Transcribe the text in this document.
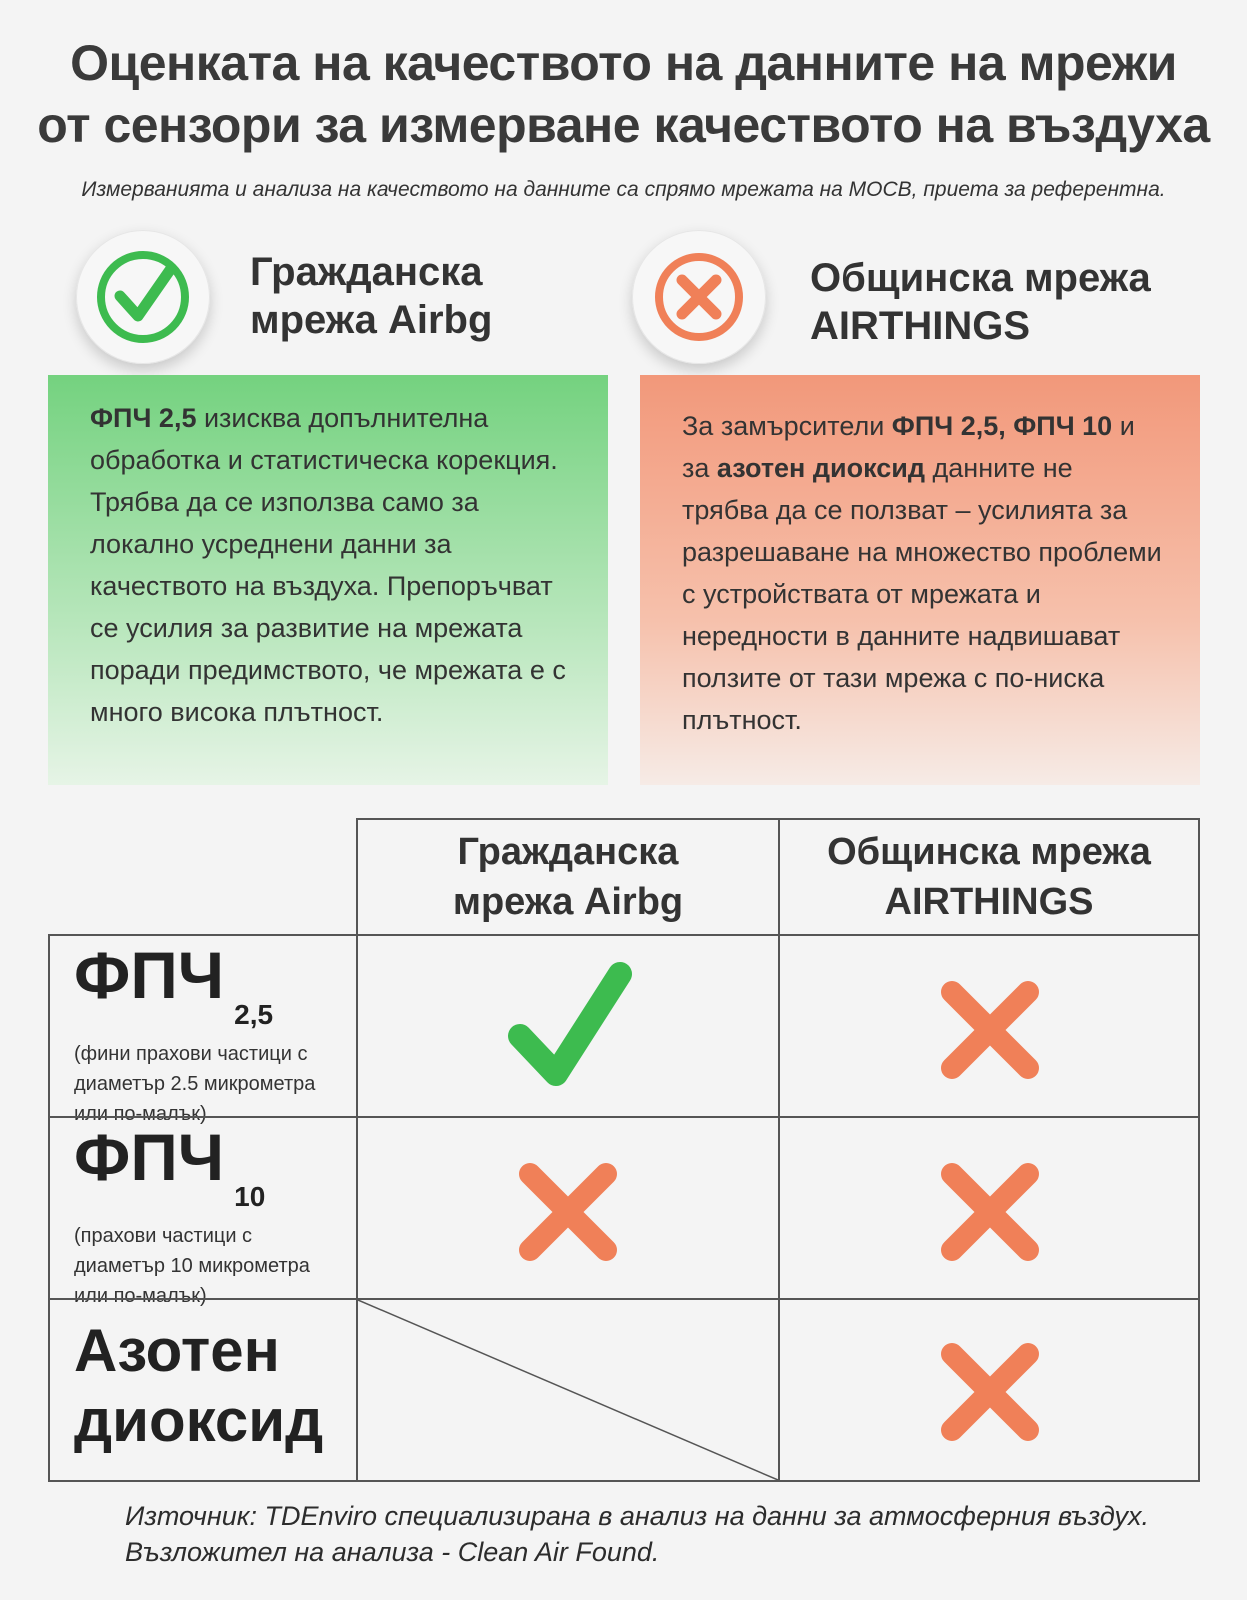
Оценката на качеството на данните на мрежи
от сензори за измерване качеството на въздуха
Измерванията и анализа на качеството на данните са спрямо мрежата на МОСВ, приета за референтна.
Гражданска
мрежа Airbg
Общинска мрежа
AIRTHINGS
ФПЧ 2,5 изисква допълнителна обработка и статистическа корекция. Трябва да се използва само за локално усреднени данни за качеството на въздуха. Препоръчват се усилия за развитие на мрежата поради предимството, че мрежата е с много висока плътност.
За замърсители ФПЧ 2,5, ФПЧ 10 и за азотен диоксид данните не трябва да се ползват – усилията за разрешаване на множество проблеми с устройствата от мрежата и нередности в данните надвишават ползите от тази мрежа с по-ниска плътност.
Гражданска
мрежа Airbg
Общинска мрежа
AIRTHINGS
ФПЧ2,5
(фини прахови частици с
диаметър 2.5 микрометра
или по-малък)
ФПЧ10
(прахови частици с
диаметър 10 микрометра
или по-малък)
Азотен
диоксид
Източник: TDEnviro специализирана в анализ на данни за атмосферния въздух.
Възложител на анализа - Clean Air Found.
